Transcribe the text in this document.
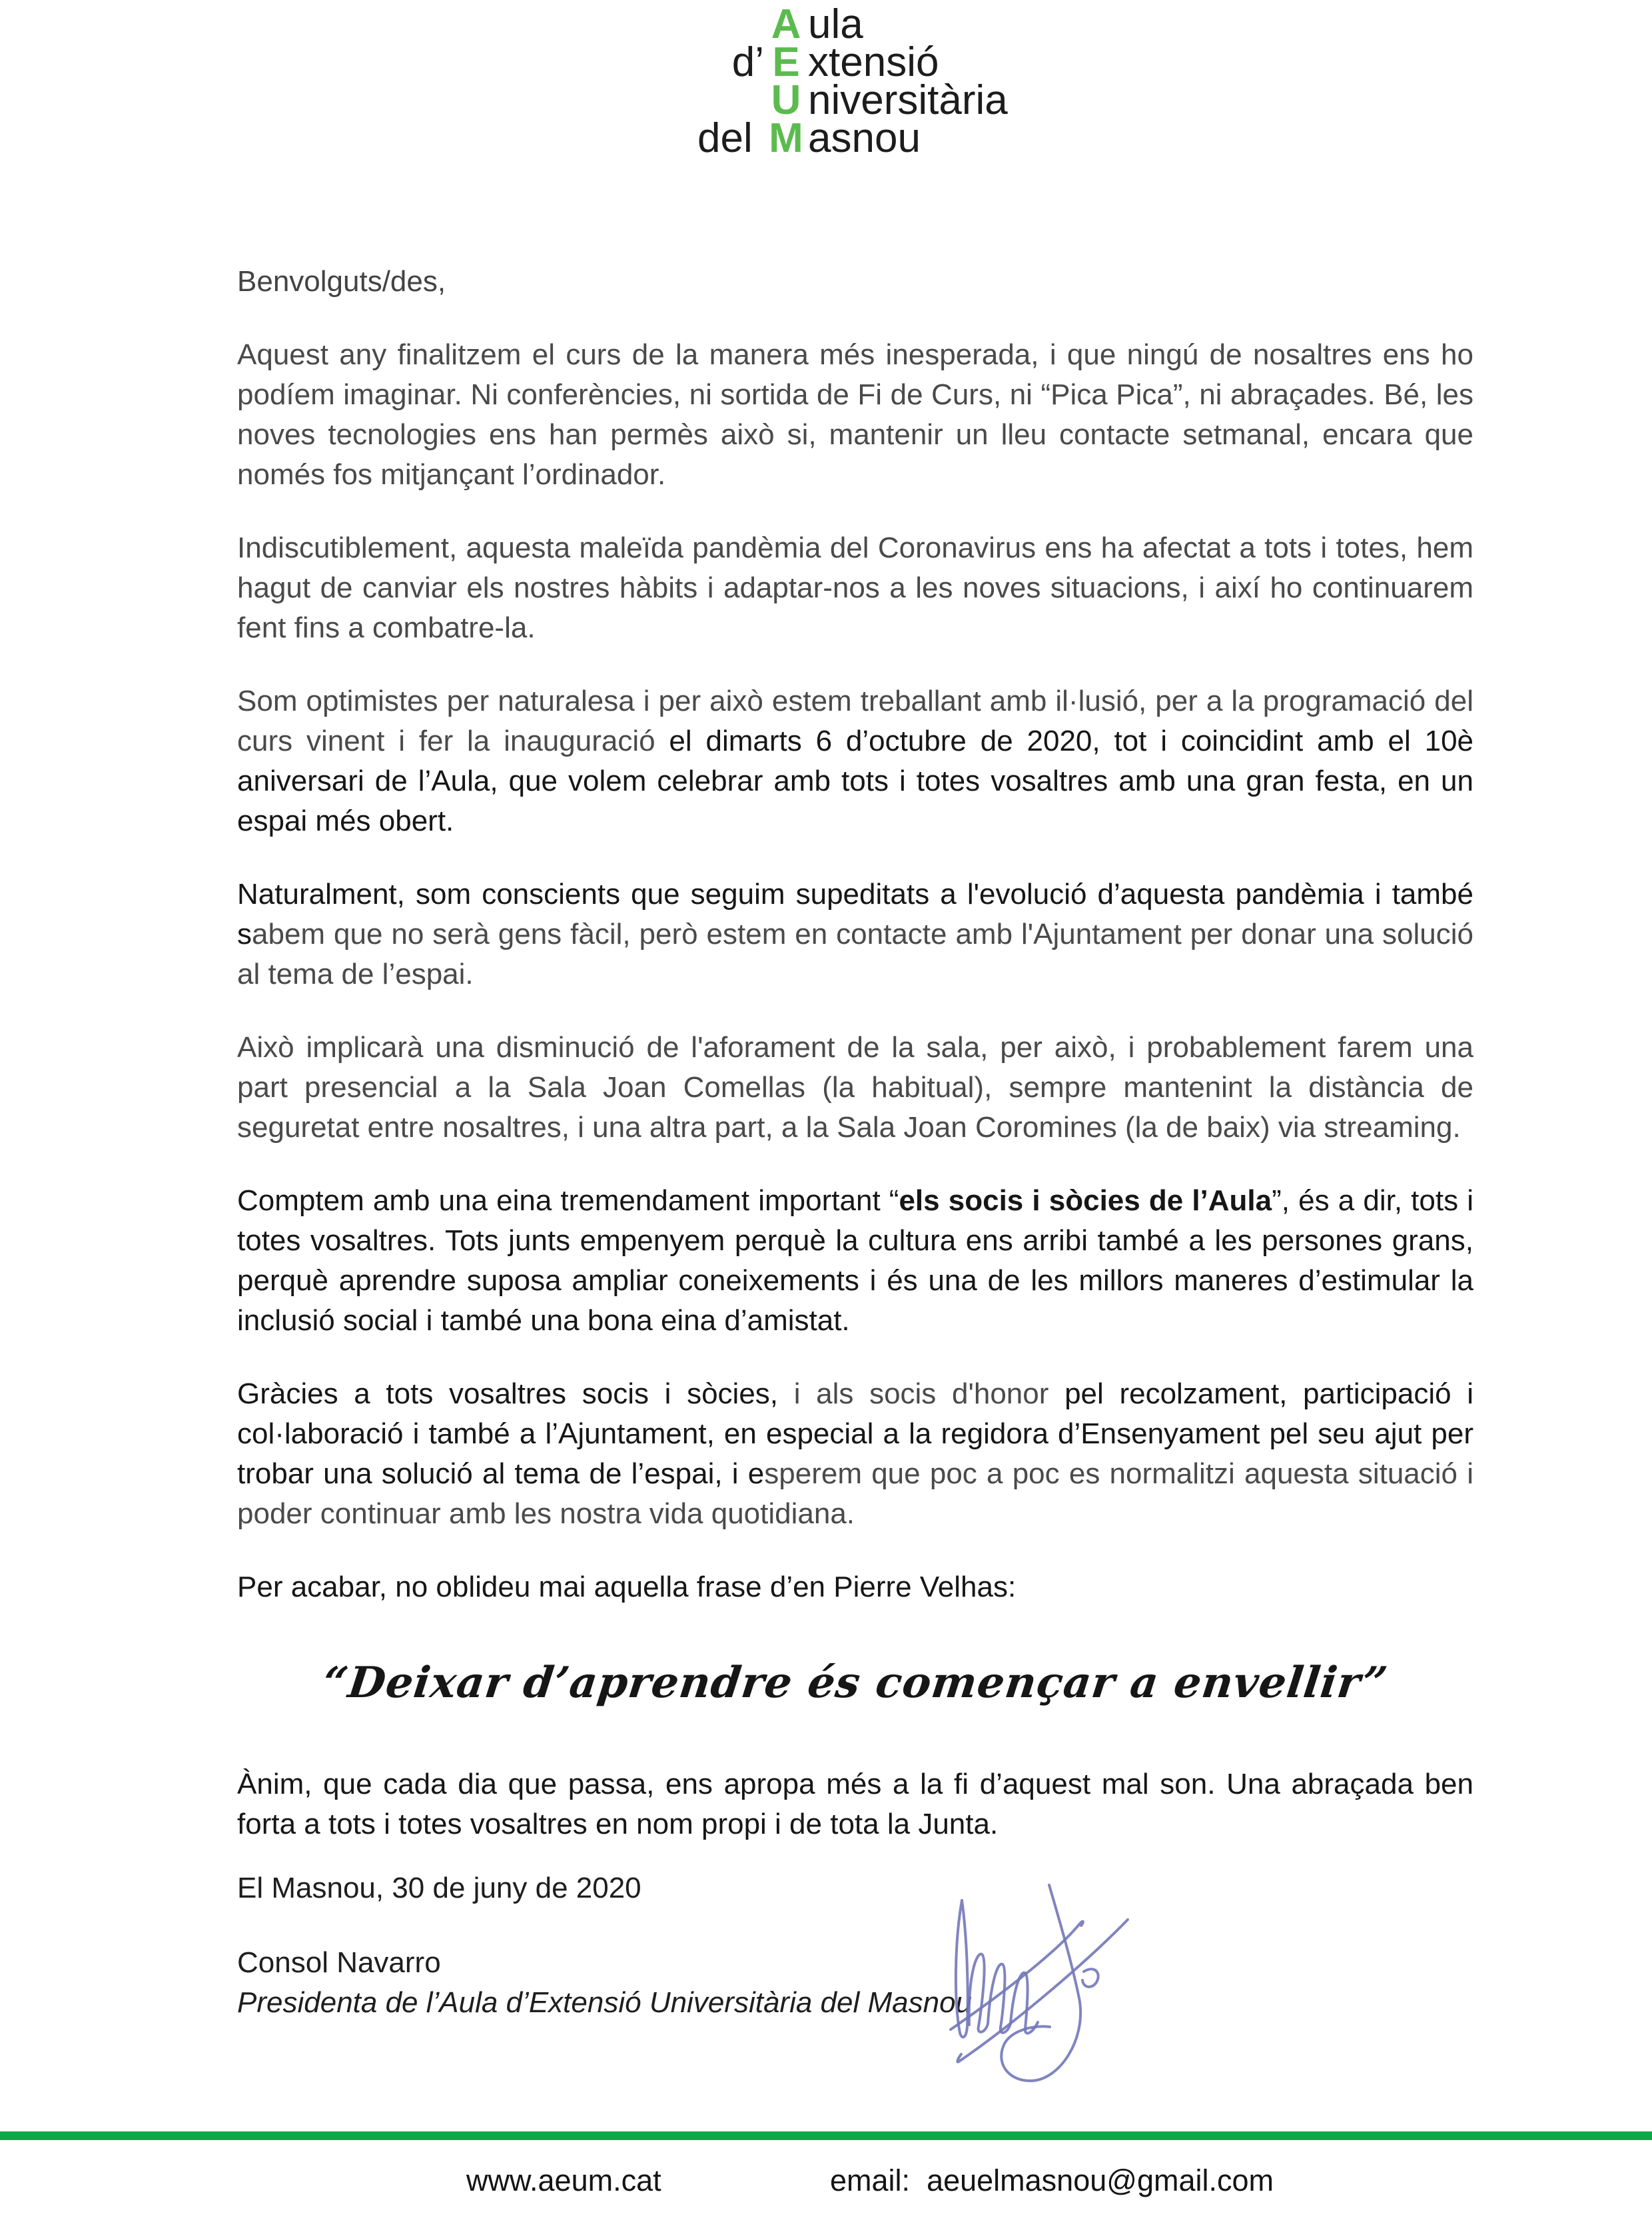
A ula
d’ E xtensió
U niversitària
del M asnou

Benvolguts/des,

Aquest any finalitzem el curs de la manera més inesperada, i que ningú de nosaltres ens ho podíem imaginar. Ni conferències, ni sortida de Fi de Curs, ni “Pica Pica”, ni abraçades. Bé, les noves tecnologies ens han permès això si, mantenir un lleu contacte setmanal, encara que només fos mitjançant l’ordinador.

Indiscutiblement, aquesta maleïda pandèmia del Coronavirus ens ha afectat a tots i totes, hem hagut de canviar els nostres hàbits i adaptar-nos a les noves situacions, i així ho continuarem fent fins a combatre-la.

Som optimistes per naturalesa i per això estem treballant amb il·lusió, per a la programació del curs vinent i fer la inauguració el dimarts 6 d’octubre de 2020, tot i coincidint amb el 10è aniversari de l’Aula, que volem celebrar amb tots i totes vosaltres amb una gran festa, en un espai més obert.

Naturalment, som conscients que seguim supeditats a l'evolució d’aquesta pandèmia i també sabem que no serà gens fàcil, però estem en contacte amb l'Ajuntament per donar una solució al tema de l’espai.

Això implicarà una disminució de l'aforament de la sala, per això, i probablement farem una part presencial a la Sala Joan Comellas (la habitual), sempre mantenint la distància de seguretat entre nosaltres, i una altra part, a la Sala Joan Coromines (la de baix) via streaming.

Comptem amb una eina tremendament important “els socis i sòcies de l’Aula”, és a dir, tots i totes vosaltres. Tots junts empenyem perquè la cultura ens arribi també a les persones grans, perquè aprendre suposa ampliar coneixements i és una de les millors maneres d’estimular la inclusió social i també una bona eina d’amistat.

Gràcies a tots vosaltres socis i sòcies, i als socis d'honor pel recolzament, participació i col·laboració i també a l’Ajuntament, en especial a la regidora d’Ensenyament pel seu ajut per trobar una solució al tema de l’espai, i esperem que poc a poc es normalitzi aquesta situació i poder continuar amb les nostra vida quotidiana.

Per acabar, no oblideu mai aquella frase d’en Pierre Velhas:

“Deixar d’aprendre és començar a envellir”

Ànim, que cada dia que passa, ens apropa més a la fi d’aquest mal son. Una abraçada ben forta a tots i totes vosaltres en nom propi i de tota la Junta.

El Masnou, 30 de juny de 2020

Consol Navarro

Presidenta de l’Aula d’Extensió Universitària del Masnou

www.aeum.cat	email: aeuelmasnou@gmail.com
